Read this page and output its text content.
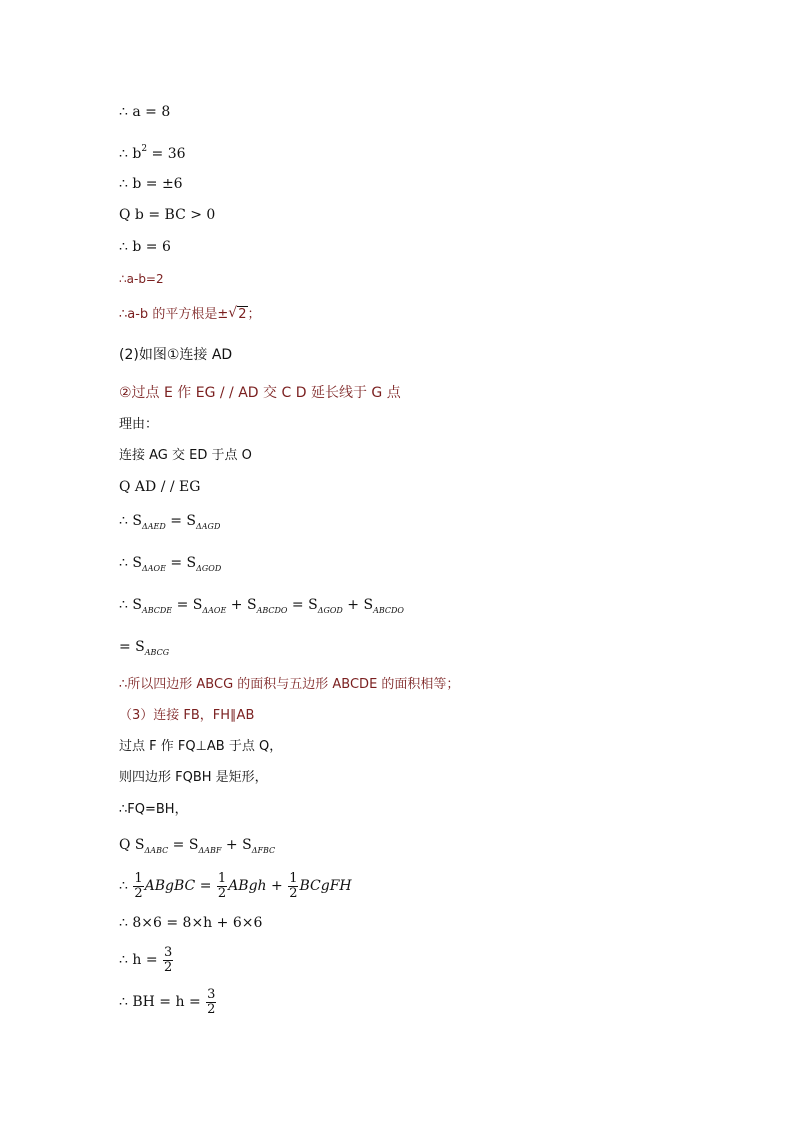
∴ a = 8
∴ $b^2 = 36$
∴ b = ±6
Q b = BC > 0
∴ b = 6
∴a-b=2
∴a-b 的平方根是± √ 2；
(2)如图①连接 AD
②过点 E 作 EG / / AD 交 C D 延长线于 G 点
理由：
连接 AG 交 ED 于点 O
Q AD / / EG
∴ $S_{\Delta AED} = S_{\Delta AGD}$
∴ $S_{\Delta AOE} = S_{\Delta GOD}$
∴ $S_{ABCDE} = S_{\Delta AOE} + S_{ABCDO} = S_{\Delta GOD} + S_{ABCDO}$
= $S_{ABCG}$
∴所以四边形 ABCG 的面积与五边形 ABCDE 的面积相等；
（3）连接 FB，FH∥AB
过点 F 作 FQ⊥AB 于点 Q，
则四边形 FQBH 是矩形，
∴FQ=BH，
Q $S_{\Delta ABC} = S_{\Delta ABF} + S_{\Delta FBC}$
∴ $\frac{1}{2}$ ABgBC = $\frac{1}{2}$ ABgh + $\frac{1}{2}$ BCgFH
∴ 8×6 = 8×h + 6×6
∴ $h = \frac{3}{2}$
∴ BH = $h = \frac{3}{2}$
